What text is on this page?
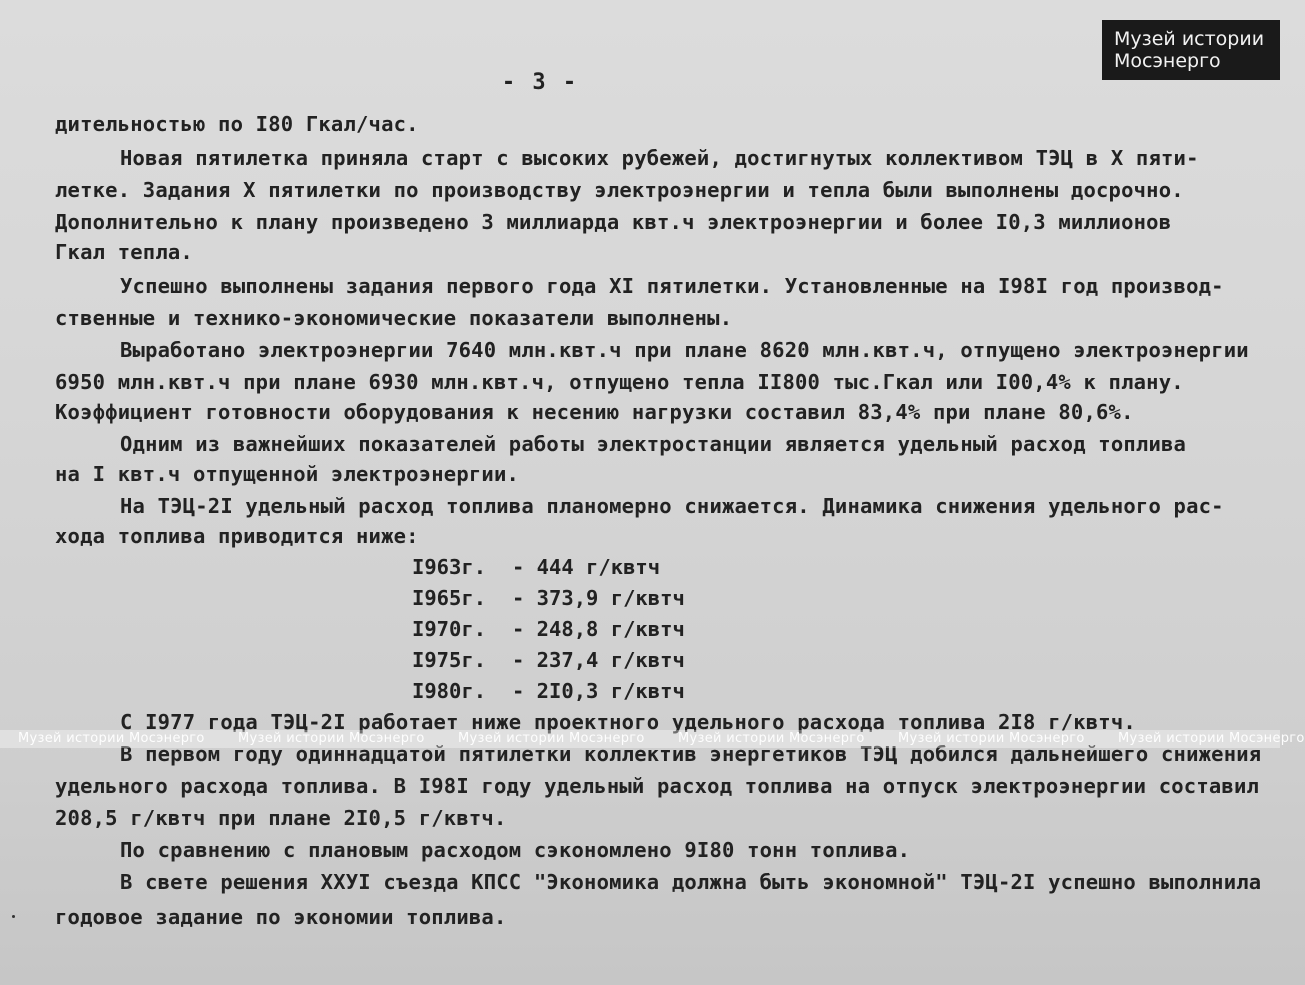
Музей истории
Мосэнерго
- 3 -
дительностью по I80 Гкал/час.
Новая пятилетка приняла старт с высоких рубежей, достигнутых коллективом ТЭЦ в Х пяти-
летке. Задания Х пятилетки по производству электроэнергии и тепла были выполнены досрочно.
Дополнительно к плану произведено 3 миллиарда квт.ч электроэнергии и более I0,3 миллионов
Гкал тепла.
Успешно выполнены задания первого года ХI пятилетки. Установленные на I98I год производ-
ственные и технико-экономические показатели выполнены.
Выработано электроэнергии 7640 млн.квт.ч при плане 8620 млн.квт.ч, отпущено электроэнергии
6950 млн.квт.ч при плане 6930 млн.квт.ч, отпущено тепла II800 тыс.Гкал или I00,4% к плану.
Коэффициент готовности оборудования к несению нагрузки составил 83,4% при плане 80,6%.
Одним из важнейших показателей работы электростанции является удельный расход топлива
на I квт.ч отпущенной электроэнергии.
На ТЭЦ-2I удельный расход топлива планомерно снижается. Динамика снижения удельного рас-
хода топлива приводится ниже:
I963г. - 444 г/квтч
I965г. - 373,9 г/квтч
I970г. - 248,8 г/квтч
I975г. - 237,4 г/квтч
I980г. - 2I0,3 г/квтч
С I977 года ТЭЦ-2I работает ниже проектного удельного расхода топлива 2I8 г/квтч.
В первом году одиннадцатой пятилетки коллектив энергетиков ТЭЦ добился дальнейшего снижения
удельного расхода топлива. В I98I году удельный расход топлива на отпуск электроэнергии составил
208,5 г/квтч при плане 2I0,5 г/квтч.
По сравнению с плановым расходом сэкономлено 9I80 тонн топлива.
В свете решения ХХУI съезда КПСС "Экономика должна быть экономной" ТЭЦ-2I успешно выполнила
годовое задание по экономии топлива.
Музей истории Мосэнерго	Музей истории Мосэнерго	Музей истории Мосэнерго	Музей истории Мосэнерго	Музей истории Мосэнерго	Музей истории Мосэнерго
